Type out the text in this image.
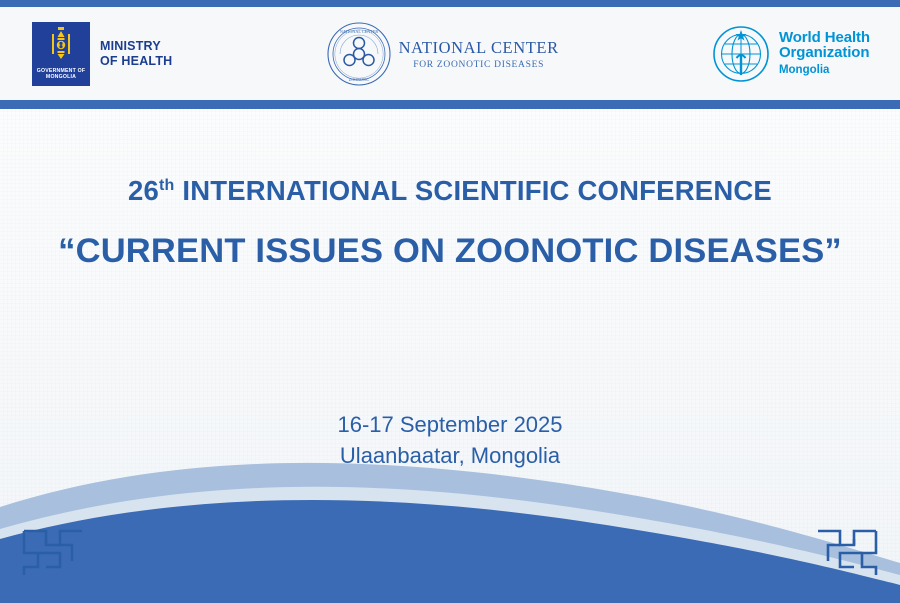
GOVERNMENT OF
MONGOLIA
MINISTRY
OF HEALTH
NATIONAL CENTER
ZOONOTIC
NATIONAL CENTER
FOR ZOONOTIC DISEASES
World Health
Organization
Mongolia
26th INTERNATIONAL SCIENTIFIC CONFERENCE
“CURRENT ISSUES ON ZOONOTIC DISEASES”
16-17 September 2025
Ulaanbaatar, Mongolia
